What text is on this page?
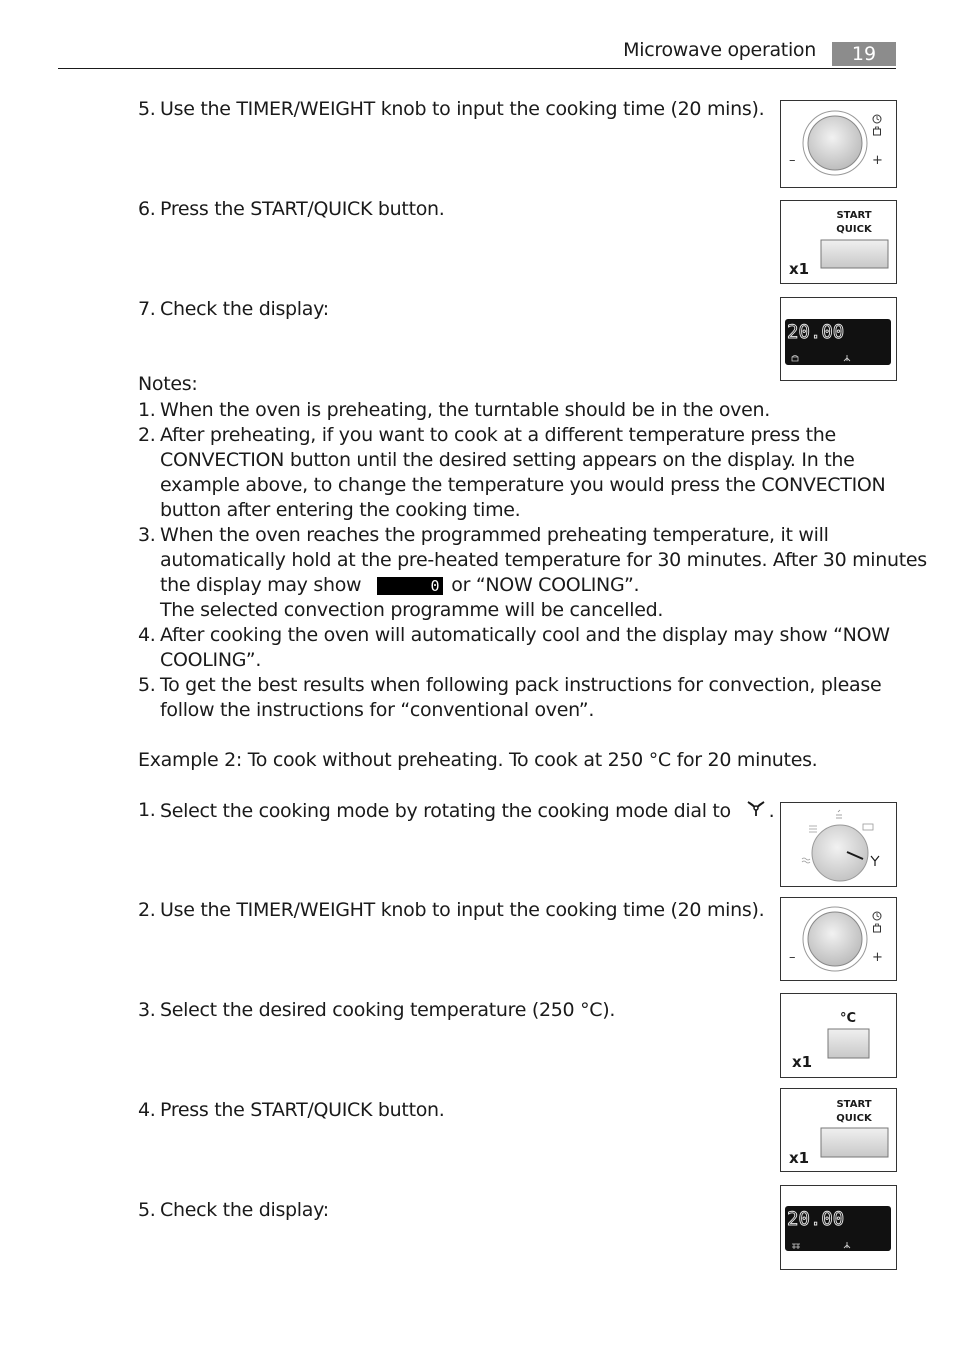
Microwave operation	19
5. Use the TIMER/WEIGHT knob to input the cooking time (20 mins).
6. Press the START/QUICK button.
7. Check the display:
Notes:
1. When the oven is preheating, the turntable should be in the oven.
2. After preheating, if you want to cook at a different temperature press the
CONVECTION button until the desired setting appears on the display. In the
example above, to change the temperature you would press the CONVECTION
button after entering the cooking time.
3. When the oven reaches the programmed preheating temperature, it will
automatically hold at the pre-heated temperature for 30 minutes. After 30 minutes
the display may show	0 or “NOW COOLING”.
The selected convection programme will be cancelled.
4. After cooking the oven will automatically cool and the display may show “NOW
COOLING”.
5. To get the best results when following pack instructions for convection, please
follow the instructions for “conventional oven”.
Example 2: To cook without preheating. To cook at 250 °C for 20 minutes.
1. Select the cooking mode by rotating the cooking mode dial to .
2. Use the TIMER/WEIGHT knob to input the cooking time (20 mins).
3. Select the desired cooking temperature (250 °C).
4. Press the START/QUICK button.
5. Check the display:
–	+
START
QUICK
x1
20.00
–	+
°C
x1
START
QUICK
x1
20.00
